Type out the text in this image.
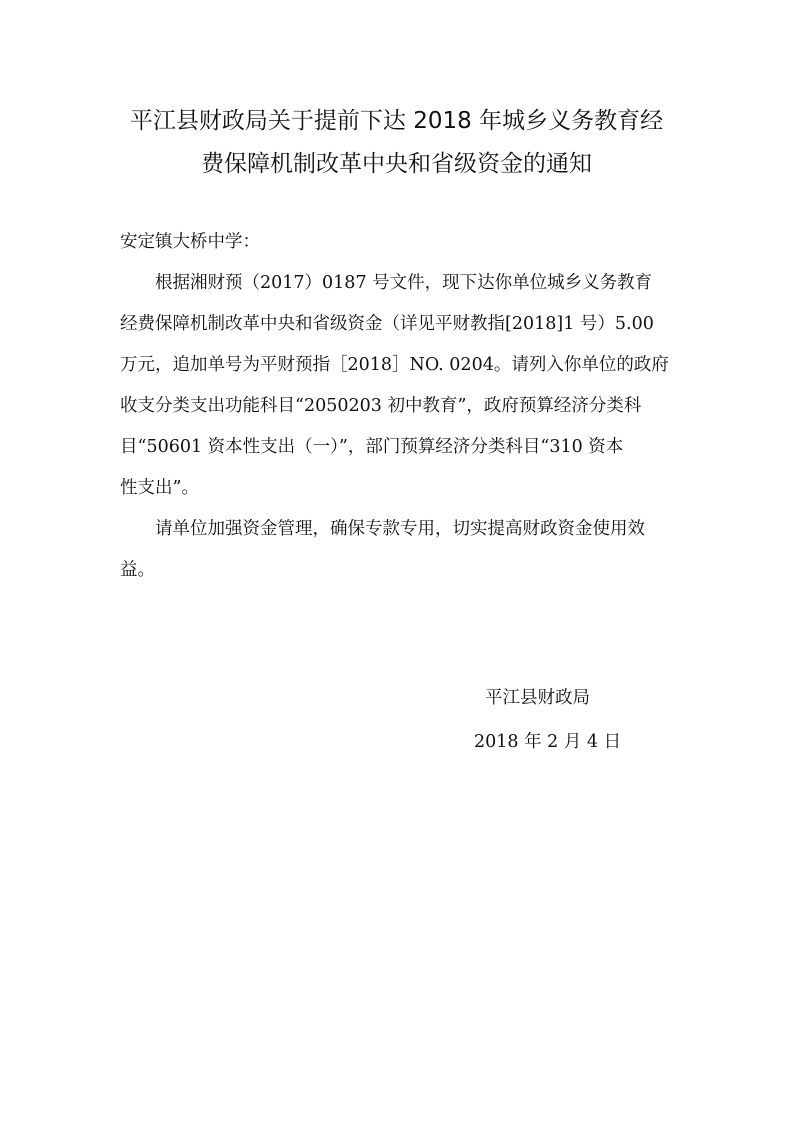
平江县财政局关于提前下达 2018 年城乡义务教育经
费保障机制改革中央和省级资金的通知
安定镇大桥中学：
根据湘财预（2017）0187 号文件，现下达你单位城乡义务教育
经费保障机制改革中央和省级资金（详见平财教指[2018]1 号）5.00
万元，追加单号为平财预指［2018］NO. 0204。请列入你单位的政府
收支分类支出功能科目“2050203 初中教育”，政府预算经济分类科
目“50601 资本性支出（一）”，部门预算经济分类科目“310 资本
性支出”。
请单位加强资金管理，确保专款专用，切实提高财政资金使用效
益。
平江县财政局
2018 年 2 月 4 日
